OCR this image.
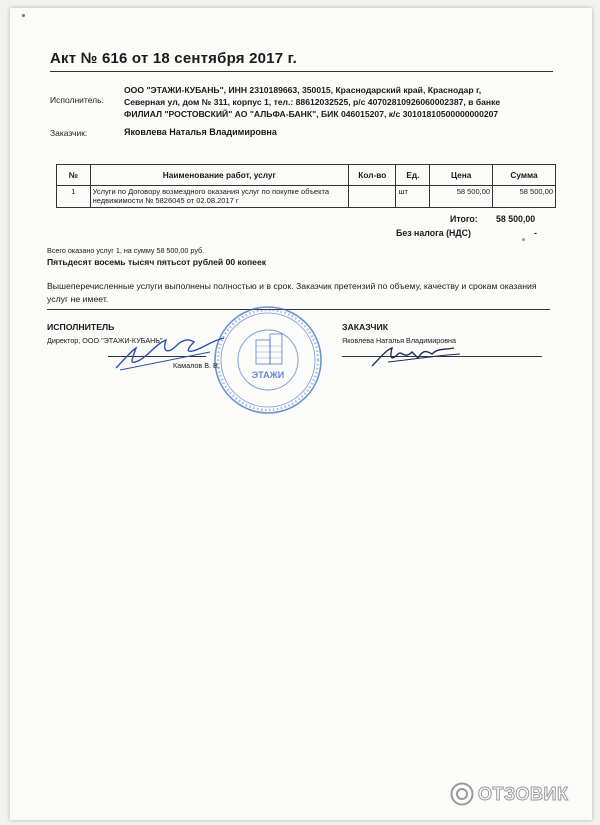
Акт № 616 от 18 сентября 2017 г.
Исполнитель:
ООО "ЭТАЖИ-КУБАНЬ", ИНН 2310189663, 350015, Краснодарский край, Краснодар г,
Северная ул, дом № 311, корпус 1, тел.: 88612032525, р/с 40702810926060002387, в банке
ФИЛИАЛ "РОСТОВСКИЙ" АО "АЛЬФА-БАНК", БИК 046015207, к/с 30101810500000000207
Заказчик:	Яковлева Наталья Владимировна
№	Наименование работ, услуг	Кол-во	Ед.	Цена	Сумма
1	Услуги по Договору возмездного оказания услуг по покупке объекта недвижимости № 5826045 от 02.08.2017 г		шт	58 500,00	58 500,00
Итого: 58 500,00
Без налога (НДС)	-
Всего оказано услуг 1, на сумму 58 500,00 руб.
Пятьдесят восемь тысяч пятьсот рублей 00 копеек
Вышеперечисленные услуги выполнены полностью и в срок. Заказчик претензий по объему, качеству и срокам оказания услуг не имеет.
ИСПОЛНИТЕЛЬ
Директор, ООО "ЭТАЖИ-КУБАНЬ"
Камалов В. В.
ЗАКАЗЧИК
Яковлева Наталья Владимировна
ЭТАЖИ
ОТЗОВИК
